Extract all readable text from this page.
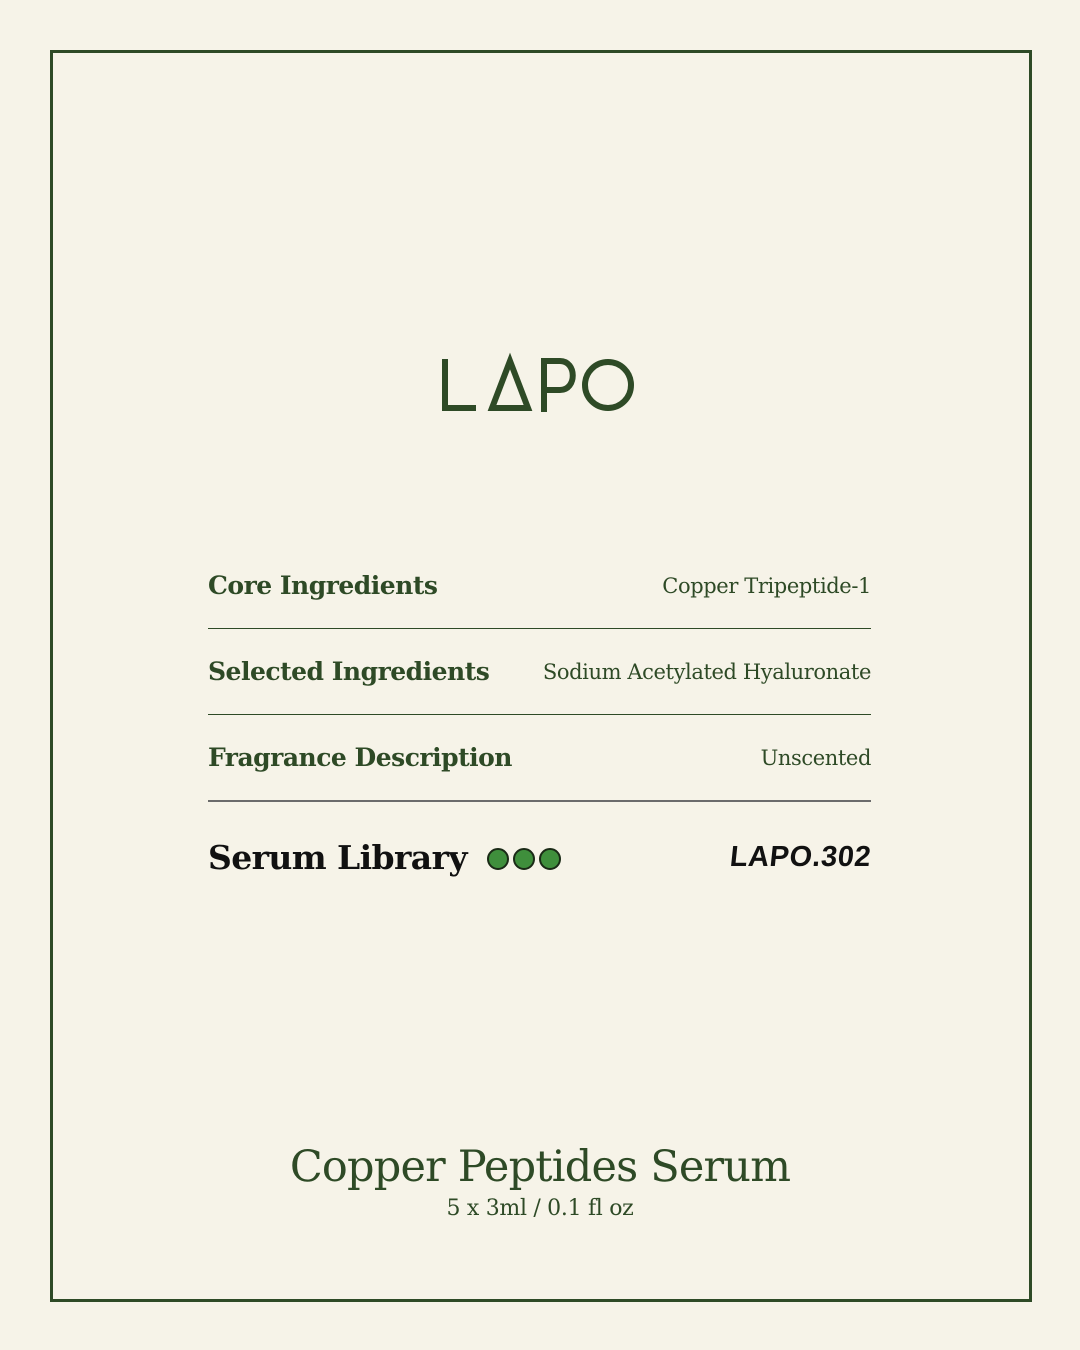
Core Ingredients	Copper Tripeptide-1
Selected Ingredients	Sodium Acetylated Hyaluronate
Fragrance Description	Unscented
Serum Library	LAPO.302
Copper Peptides Serum
5 x 3ml / 0.1 fl oz
